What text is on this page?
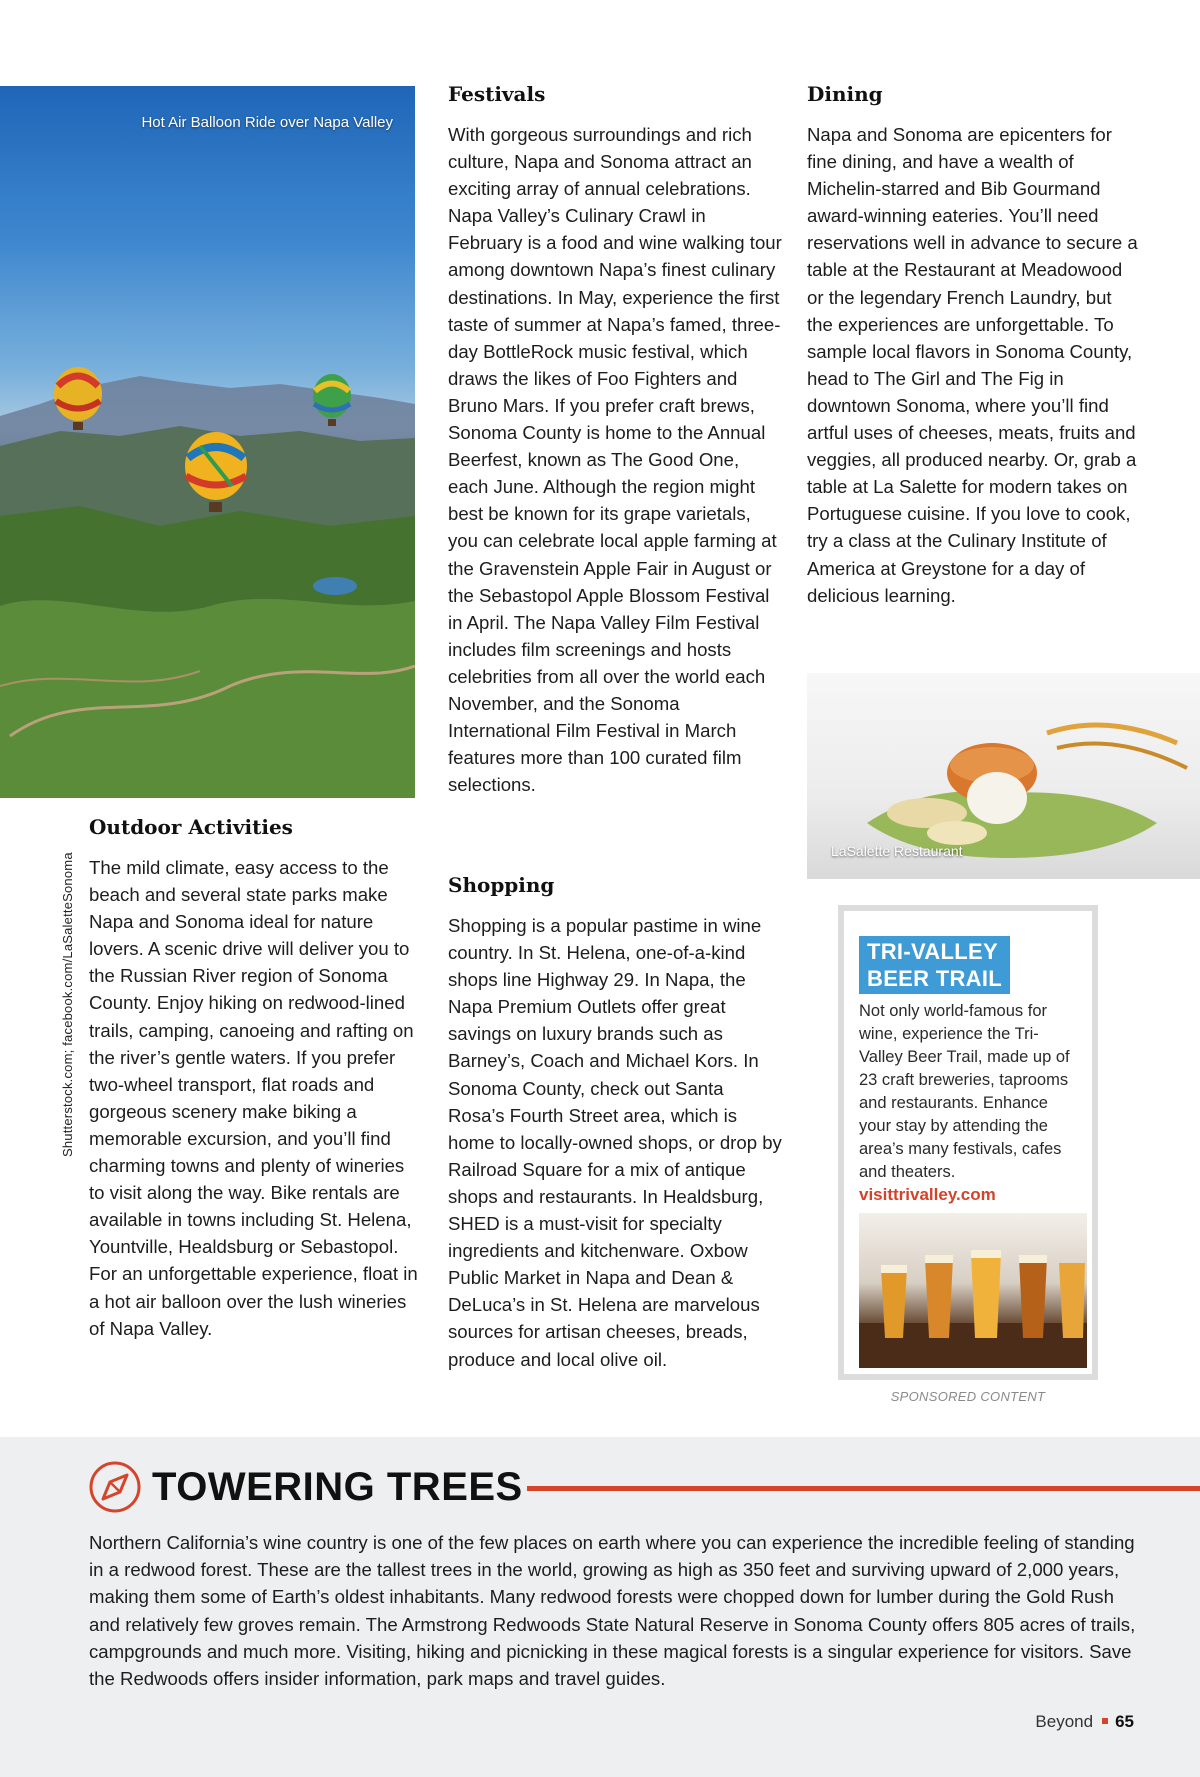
Hot Air Balloon Ride over Napa Valley
Shutterstock.com; facebook.com/LaSaletteSonoma
Outdoor Activities

The mild climate, easy access to the beach and several state parks make Napa and Sonoma ideal for nature lovers. A scenic drive will deliver you to the Russian River region of Sonoma County. Enjoy hiking on redwood-lined trails, camping, canoeing and rafting on the river’s gentle waters. If you prefer two-wheel transport, flat roads and gorgeous scenery make biking a memorable excursion, and you’ll find charming towns and plenty of wineries to visit along the way. Bike rentals are available in towns including St. Helena, Yountville, Healdsburg or Sebastopol. For an unforgettable experience, float in a hot air balloon over the lush wineries of Napa Valley.

Festivals

With gorgeous surroundings and rich culture, Napa and Sonoma attract an exciting array of annual celebrations. Napa Valley’s Culinary Crawl in February is a food and wine walking tour among downtown Napa’s finest culinary destinations. In May, experience the first taste of summer at Napa’s famed, three-day BottleRock music festival, which draws the likes of Foo Fighters and Bruno Mars. If you prefer craft brews, Sonoma County is home to the Annual Beerfest, known as The Good One, each June. Although the region might best be known for its grape varietals, you can celebrate local apple farming at the Gravenstein Apple Fair in August or the Sebastopol Apple Blossom Festival in April. The Napa Valley Film Festival includes film screenings and hosts celebrities from all over the world each November, and the Sonoma International Film Festival in March features more than 100 curated film selections.

Shopping

Shopping is a popular pastime in wine country. In St. Helena, one-of-a-kind shops line Highway 29. In Napa, the Napa Premium Outlets offer great savings on luxury brands such as Barney’s, Coach and Michael Kors. In Sonoma County, check out Santa Rosa’s Fourth Street area, which is home to locally-owned shops, or drop by Railroad Square for a mix of antique shops and restaurants. In Healdsburg, SHED is a must-visit for specialty ingredients and kitchenware. Oxbow Public Market in Napa and Dean & DeLuca’s in St. Helena are marvelous sources for artisan cheeses, breads, produce and local olive oil.

Dining

Napa and Sonoma are epicenters for fine dining, and have a wealth of Michelin-starred and Bib Gourmand award-winning eateries. You’ll need reservations well in advance to secure a table at the Restaurant at Meadowood or the legendary French Laundry, but the experiences are unforgettable. To sample local flavors in Sonoma County, head to The Girl and The Fig in downtown Sonoma, where you’ll find artful uses of cheeses, meats, fruits and veggies, all produced nearby. Or, grab a table at La Salette for modern takes on Portuguese cuisine. If you love to cook, try a class at the Culinary Institute of America at Greystone for a day of delicious learning.

LaSalette Restaurant
TRI-VALLEY
BEER TRAIL
Not only world-famous for wine, experience the Tri-Valley Beer Trail, made up of 23 craft breweries, taprooms and restaurants. Enhance your stay by attending the area’s many festivals, cafes and theaters.
visittrivalley.com
SPONSORED CONTENT
TOWERING TREES

Northern California’s wine country is one of the few places on earth where you can experience the incredible feeling of standing in a redwood forest. These are the tallest trees in the world, growing as high as 350 feet and surviving upward of 2,000 years, making them some of Earth’s oldest inhabitants. Many redwood forests were chopped down for lumber during the Gold Rush and relatively few groves remain. The Armstrong Redwoods State Natural Reserve in Sonoma County offers 805 acres of trails, campgrounds and much more. Visiting, hiking and picnicking in these magical forests is a singular experience for visitors. Save the Redwoods offers insider information, park maps and travel guides.

Beyond 65
